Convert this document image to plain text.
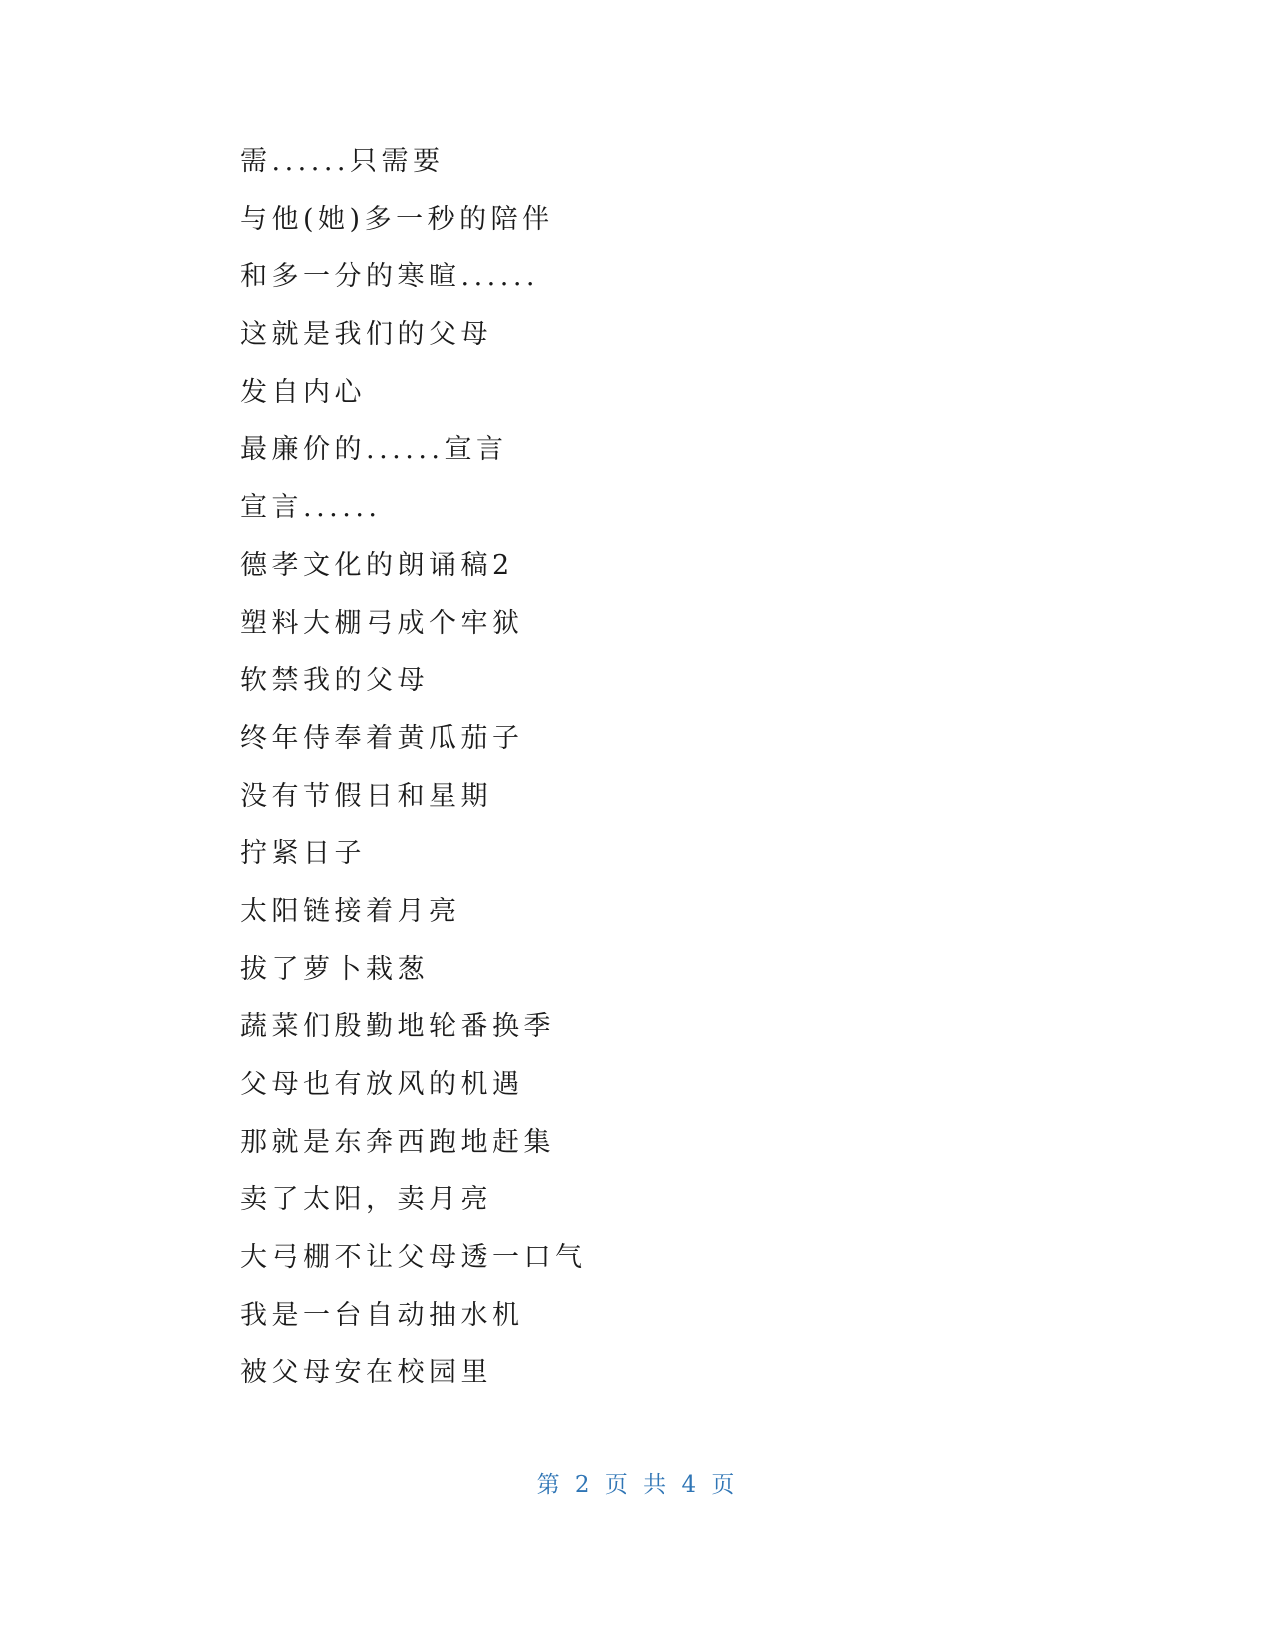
需......只需要
与他(她)多一秒的陪伴
和多一分的寒暄......
这就是我们的父母
发自内心
最廉价的......宣言
宣言......
德孝文化的朗诵稿2
塑料大棚弓成个牢狱
软禁我的父母
终年侍奉着黄瓜茄子
没有节假日和星期
拧紧日子
太阳链接着月亮
拔了萝卜栽葱
蔬菜们殷勤地轮番换季
父母也有放风的机遇
那就是东奔西跑地赶集
卖了太阳，卖月亮
大弓棚不让父母透一口气
我是一台自动抽水机
被父母安在校园里
第 2 页 共 4 页
